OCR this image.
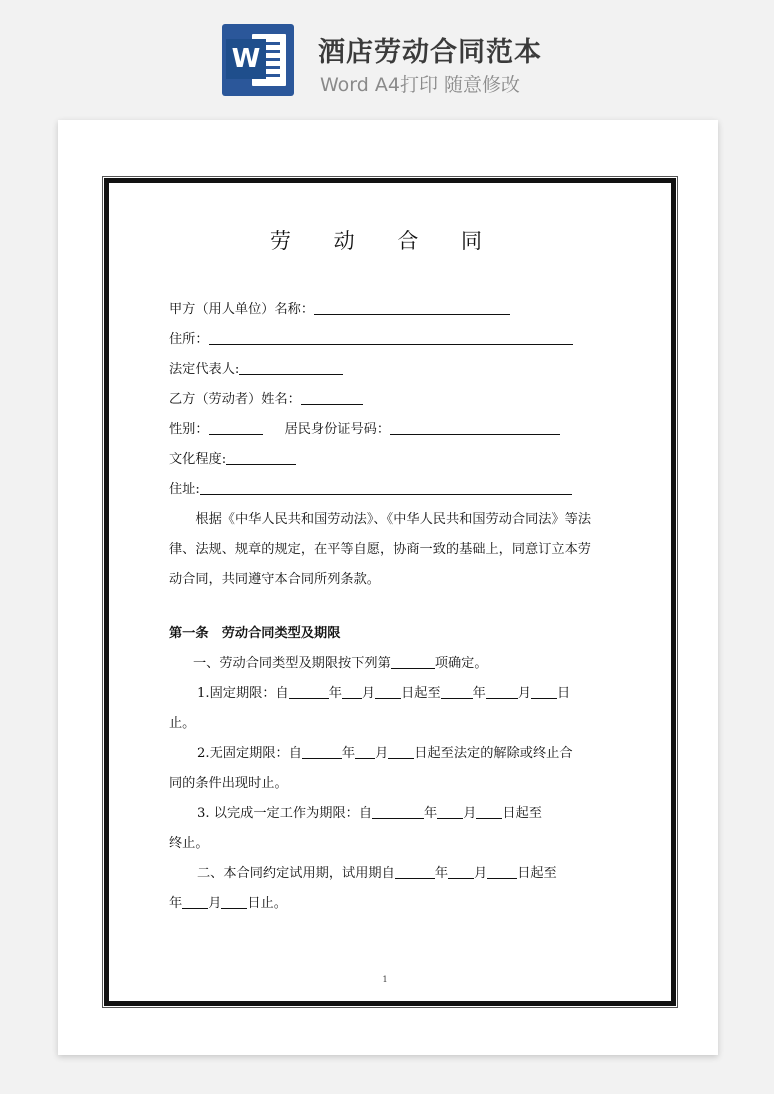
W 酒店劳动合同范本
Word A4打印 随意修改
劳 动 合 同
甲方（用人单位）名称：
住所：
法定代表人:
乙方（劳动者）姓名：
性别：	居民身份证号码：
文化程度:
住址:
根据《中华人民共和国劳动法》、《中华人民共和国劳动合同法》等法律、法规、规章的规定，在平等自愿，协商一致的基础上，同意订立本劳动合同，共同遵守本合同所列条款。
第一条　劳动合同类型及期限
一、劳动合同类型及期限按下列第	项确定。
1.固定期限：自	年 月 日起至 年 月 日
止。
2.无固定期限：自	年 月 日起至法定的解除或终止合
同的条件出现时止。
3. 以完成一定工作为期限：自	年 月 日起至
终止。
二、本合同约定试用期，试用期自	年 月 日起至
年 月 日止。
1
